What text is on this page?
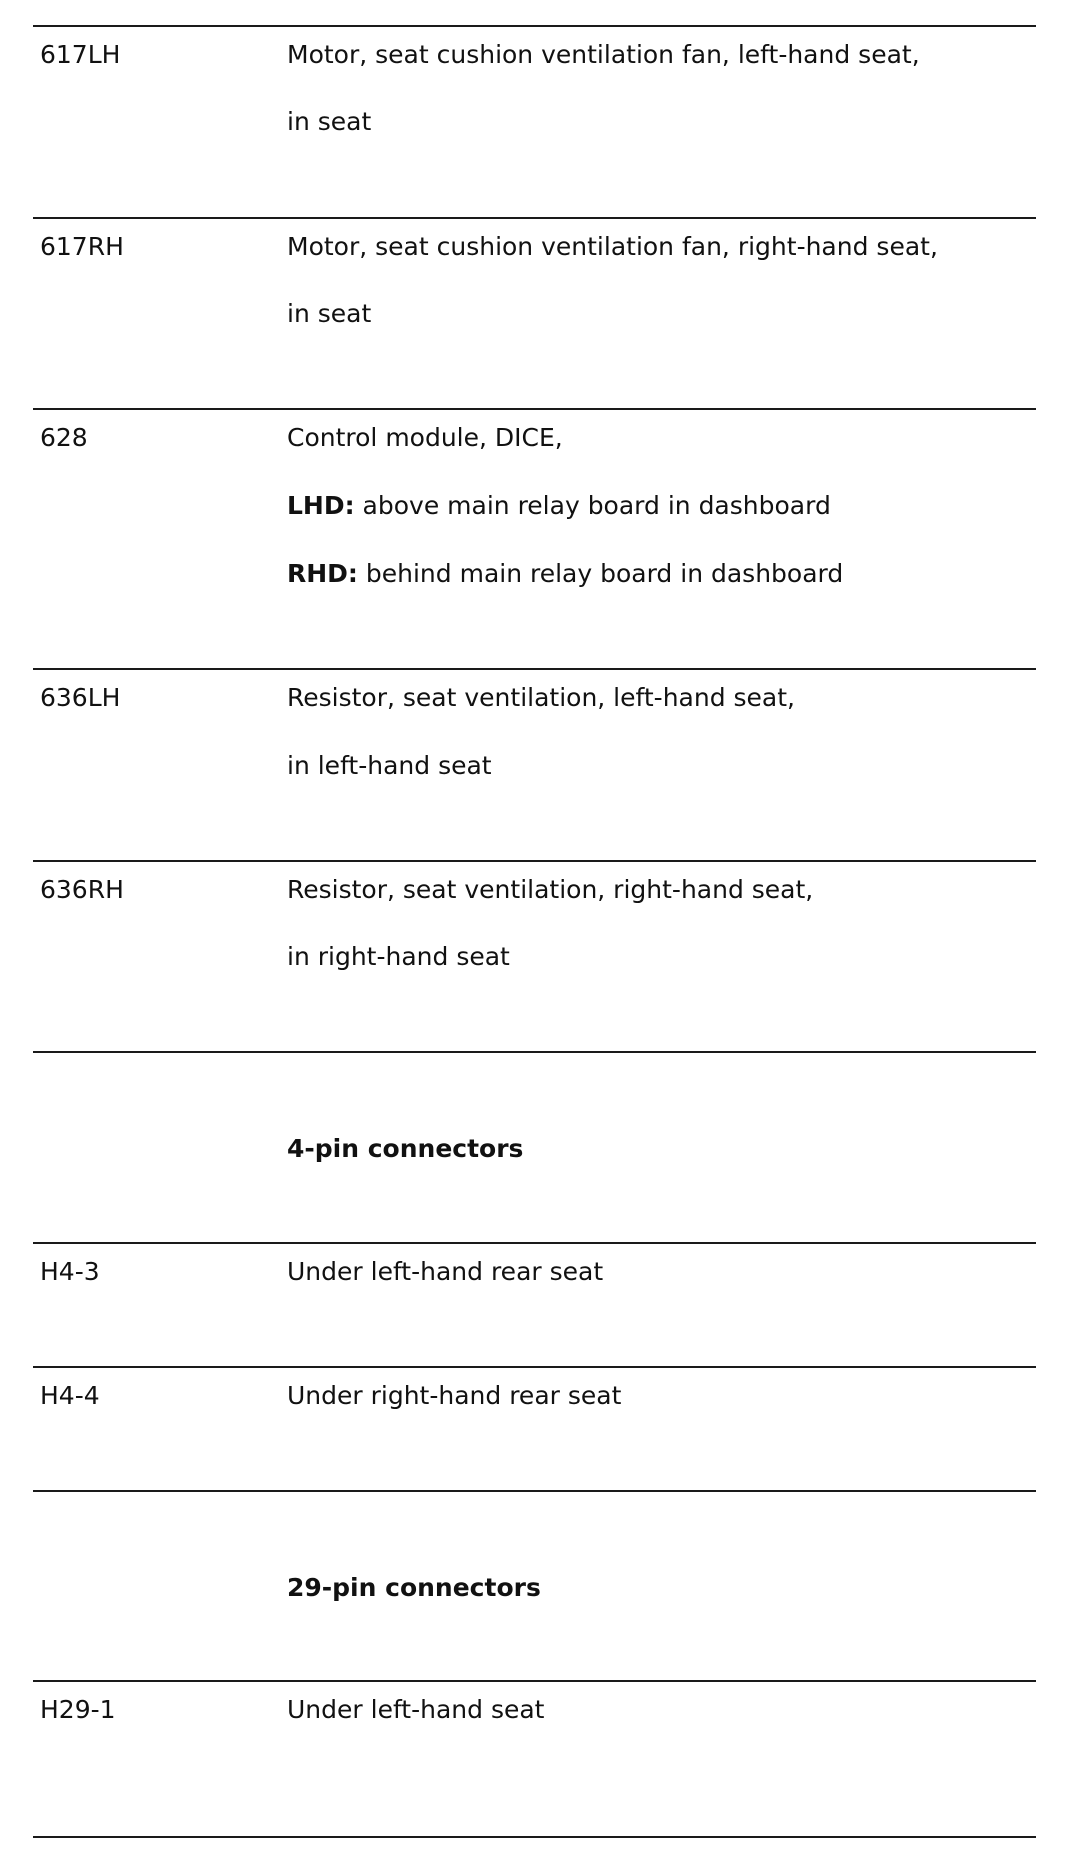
617LH	Motor, seat cushion ventilation fan, left-hand seat,
in seat
617RH	Motor, seat cushion ventilation fan, right-hand seat,
in seat
628	Control module, DICE,
LHD: above main relay board in dashboard
RHD: behind main relay board in dashboard
636LH	Resistor, seat ventilation, left-hand seat,
in left-hand seat
636RH	Resistor, seat ventilation, right-hand seat,
in right-hand seat
4-pin connectors
H4-3	Under left-hand rear seat
H4-4	Under right-hand rear seat
29-pin connectors
H29-1	Under left-hand seat
